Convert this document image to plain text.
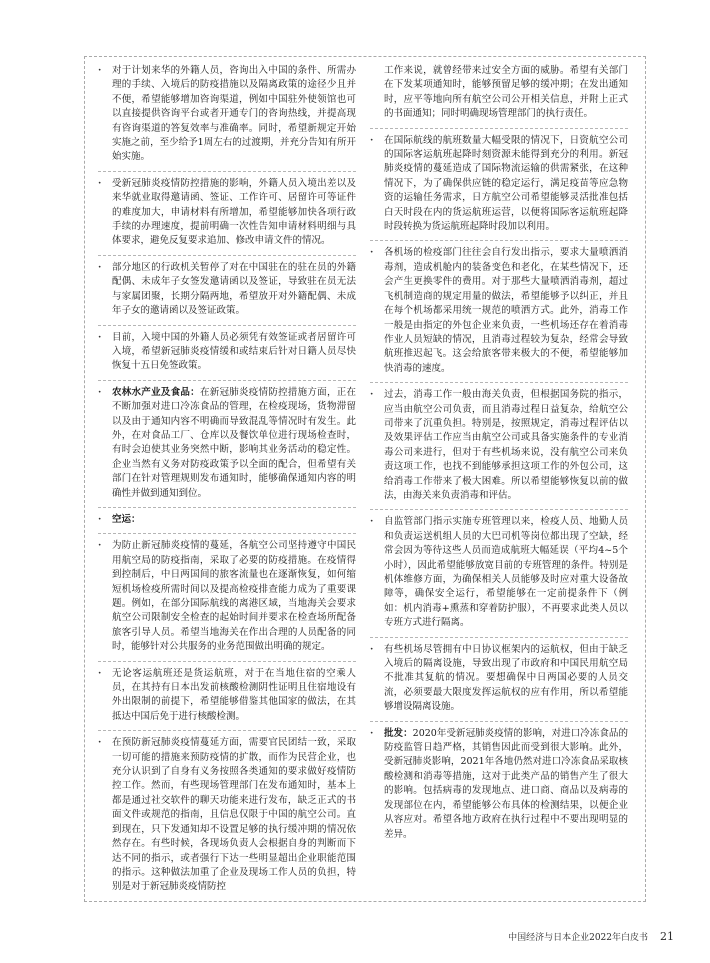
·	对于计划来华的外籍人员，咨询出入中国的条件、所需办理的手续、入境后的防疫措施以及隔离政策的途径少且并不便，希望能够增加咨询渠道，例如中国驻外使领馆也可以直接提供咨询平台或者开通专门的咨询热线，并提高现有咨询渠道的答复效率与准确率。同时，希望新规定开始实施之前，至少给予1周左右的过渡期，并充分告知有所开始实施。
·	受新冠肺炎疫情防控措施的影响，外籍人员入境出差以及来华就业取得邀请函、签证、工作许可、居留许可等证件的难度加大，申请材料有所增加，希望能够加快各项行政手续的办理速度，提前明确一次性告知申请材料明细与具体要求，避免反复要求追加、修改申请文件的情况。
·	部分地区的行政机关暂停了对在中国驻在的驻在员的外籍配偶、未成年子女签发邀请函以及签证，导致驻在员无法与家属团聚，长期分隔两地，希望放开对外籍配偶、未成年子女的邀请函以及签证政策。
·	目前，入境中国的外籍人员必须凭有效签证或者居留许可入境，希望新冠肺炎疫情缓和或结束后针对日籍人员尽快恢复十五日免签政策。
·	农林水产业及食品：在新冠肺炎疫情防控措施方面，正在不断加强对进口冷冻食品的管理，在检疫现场，货物滞留以及由于通知内容不明确而导致混乱等情况时有发生。此外，在对食品工厂、仓库以及餐饮单位进行现场检查时，有时会迫使其业务突然中断，影响其业务活动的稳定性。企业当然有义务对防疫政策予以全面的配合，但希望有关部门在针对管理规则发布通知时，能够确保通知内容的明确性并做到通知到位。
·	空运：
·	为防止新冠肺炎疫情的蔓延，各航空公司坚持遵守中国民用航空局的防疫指南，采取了必要的防疫措施。在疫情得到控制后，中日两国间的旅客流量也在逐渐恢复，如何缩短机场检疫所需时间以及提高检疫排查能力成为了重要课题。例如，在部分国际航线的离港区域，当地海关会要求航空公司限制安全检查的起始时间并要求在检查场所配备旅客引导人员。希望当地海关在作出合理的人员配备的同时，能够针对公共服务的业务范围做出明确的规定。
·	无论客运航班还是货运航班，对于在当地住宿的空乘人员，在其持有日本出发前核酸检测阴性证明且住宿地设有外出限制的前提下，希望能够借鉴其他国家的做法，在其抵达中国后免于进行核酸检测。
·	在预防新冠肺炎疫情蔓延方面，需要官民团结一致，采取一切可能的措施来预防疫情的扩散，而作为民营企业，也充分认识到了自身有义务按照各类通知的要求做好疫情防控工作。然而，有些现场管理部门在发布通知时，基本上都是通过社交软件的聊天功能来进行发布，缺乏正式的书面文件或规范的指南，且信息仅限于中国的航空公司。直到现在，只下发通知却不设置足够的执行缓冲期的情况依然存在。有些时候，各现场负责人会根据自身的判断而下达不同的指示，或者强行下达一些明显超出企业职能范围的指示。这种做法加重了企业及现场工作人员的负担，特别是对于新冠肺炎疫情防控
工作来说，就曾经带来过安全方面的威胁。希望有关部门在下发某项通知时，能够预留足够的缓冲期；在发出通知时，应平等地向所有航空公司公开相关信息，并附上正式的书面通知；同时明确现场管理部门的执行责任。
·	在国际航线的航班数量大幅受限的情况下，日资航空公司的国际客运航班起降时刻资源未能得到充分的利用。新冠肺炎疫情的蔓延造成了国际物流运输的供需紧张，在这种情况下，为了确保供应链的稳定运行，满足疫苗等应急物资的运输任务需求，日方航空公司希望能够灵活批准包括白天时段在内的货运航班运营，以便将国际客运航班起降时段转换为货运航班起降时段加以利用。
·	各机场的检疫部门往往会自行发出指示，要求大量喷洒消毒剂，造成机舱内的装备变色和老化，在某些情况下，还会产生更换零件的费用。对于那些大量喷洒消毒剂，超过飞机制造商的规定用量的做法，希望能够予以纠正，并且在每个机场都采用统一规范的喷洒方式。此外，消毒工作一般是由指定的外包企业来负责，一些机场还存在着消毒作业人员短缺的情况，且消毒过程较为复杂，经常会导致航班推迟起飞。这会给旅客带来极大的不便，希望能够加快消毒的速度。
·	过去，消毒工作一般由海关负责，但根据国务院的指示，应当由航空公司负责，而且消毒过程日益复杂，给航空公司带来了沉重负担。特别是，按照规定，消毒过程评估以及效果评估工作应当由航空公司或具备实施条件的专业消毒公司来进行，但对于有些机场来说，没有航空公司来负责这项工作，也找不到能够承担这项工作的外包公司，这给消毒工作带来了极大困难。所以希望能够恢复以前的做法，由海关来负责消毒和评估。
·	自监管部门指示实施专班管理以来，检疫人员、地勤人员和负责运送机组人员的大巴司机等岗位都出现了空缺，经常会因为等待这些人员而造成航班大幅延误（平均4~5个小时），因此希望能够放宽目前的专班管理的条件。特别是机体维修方面，为确保相关人员能够及时应对重大设备故障等，确保安全运行，希望能够在一定前提条件下（例如：机内消毒+熏蒸和穿着防护服），不再要求此类人员以专班方式进行隔离。
·	有些机场尽管拥有中日协议框架内的运航权，但由于缺乏入境后的隔离设施，导致出现了市政府和中国民用航空局不批准其复航的情况。要想确保中日两国必要的人员交流，必须要最大限度发挥运航权的应有作用，所以希望能够增设隔离设施。
·	批发：2020年受新冠肺炎疫情的影响，对进口冷冻食品的防疫监管日趋严格，其销售因此而受到很大影响。此外，受新冠肺炎影响，2021年各地仍然对进口冷冻食品采取核酸检测和消毒等措施，这对于此类产品的销售产生了很大的影响。包括病毒的发现地点、进口商、商品以及病毒的发现部位在内，希望能够公布具体的检测结果，以便企业从容应对。希望各地方政府在执行过程中不要出现明显的差异。
中国经济与日本企业2022年白皮书 21
